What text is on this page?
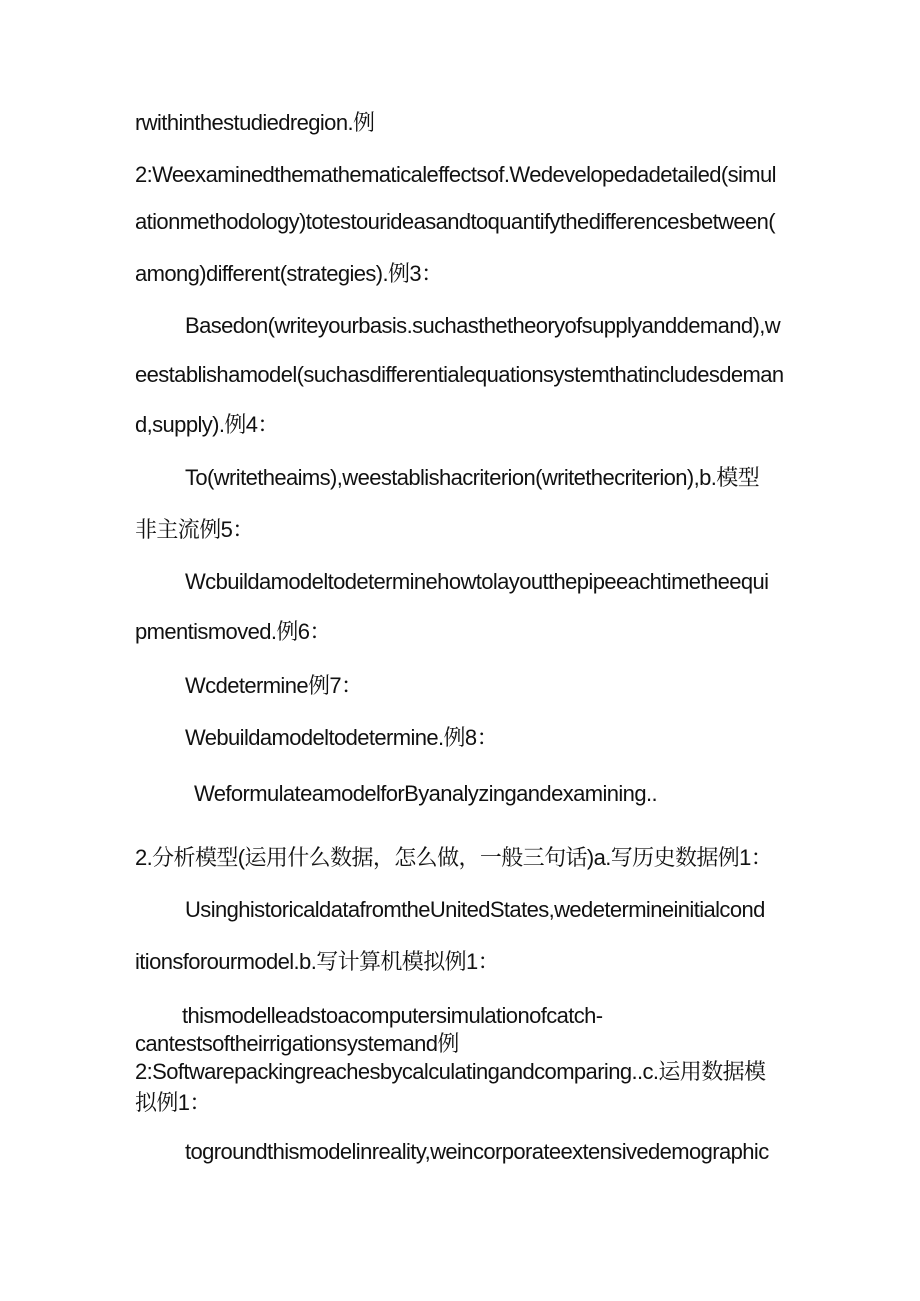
rwithinthestudiedregion.例
2:Weexaminedthemathematicaleffectsof.Wedevelopedadetailed(simul
ationmethodology)totestourideasandtoquantifythedifferencesbetween(
among)different(strategies).例3：
Basedon(writeyourbasis.suchasthetheoryofsupplyanddemand),w
eestablishamodel(suchasdifferentialequationsystemthatincludesdeman
d,supply).例4：
To(writetheaims),weestablishacriterion(writethecriterion),b.模型
非主流例5：
Wcbuildamodeltodeterminehowtolayoutthepipeeachtimetheequi
pmentismoved.例6：
Wcdetermine例7：
Webuildamodeltodetermine.例8：
WeformulateamodelforByanalyzingandexamining..
2.分析模型(运用什么数据，怎么做，一般三句话)a.写历史数据例1：
UsinghistoricaldatafromtheUnitedStates,wedetermineinitialcond
itionsforourmodel.b.写计算机模拟例1：
thismodelleadstoacomputersimulationofcatch-
cantestsoftheirrigationsystemand例
2:Softwarepackingreachesbycalculatingandcomparing..c.运用数据模
拟例1：
togroundthismodelinreality,weincorporateextensivedemographic
